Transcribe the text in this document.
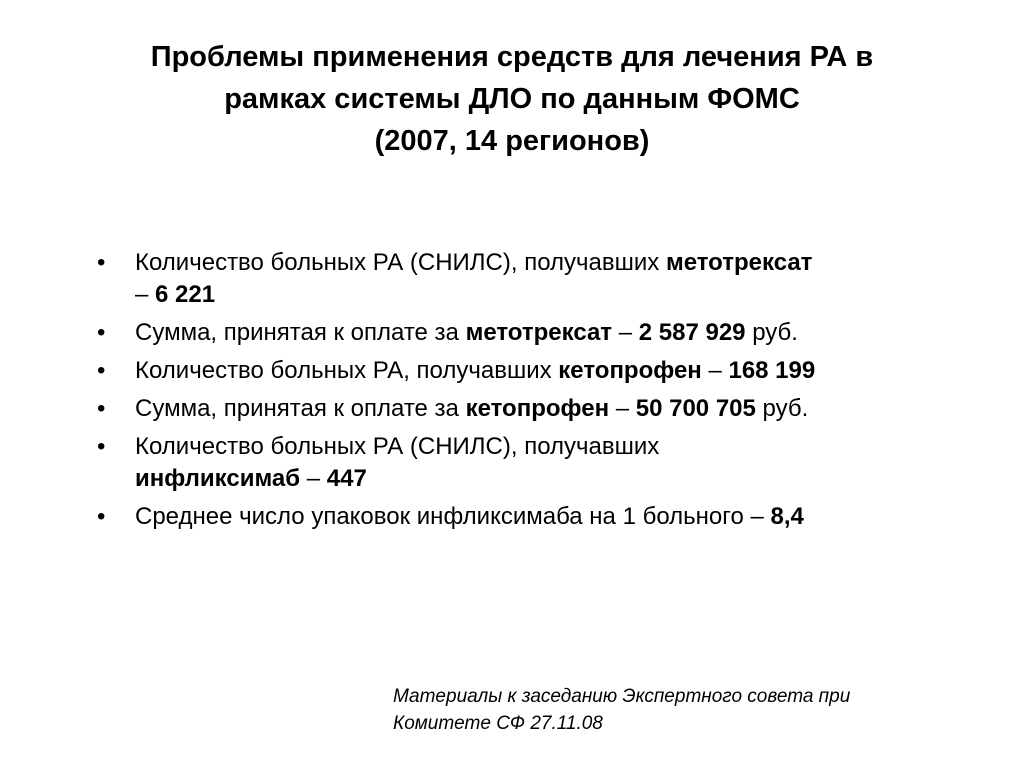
Проблемы применения средств для лечения РА в
рамках системы ДЛО по данным ФОМС
(2007, 14 регионов)
• Количество больных РА (СНИЛС), получавших метотрексат
– 6 221
• Сумма, принятая к оплате за метотрексат – 2 587 929 руб.
• Количество больных РА, получавших кетопрофен – 168 199
• Сумма, принятая к оплате за кетопрофен – 50 700 705 руб.
• Количество больных РА (СНИЛС), получавших
инфликсимаб – 447
• Среднее число упаковок инфликсимаба на 1 больного – 8,4
Материалы к заседанию Экспертного совета при
Комитете СФ 27.11.08
